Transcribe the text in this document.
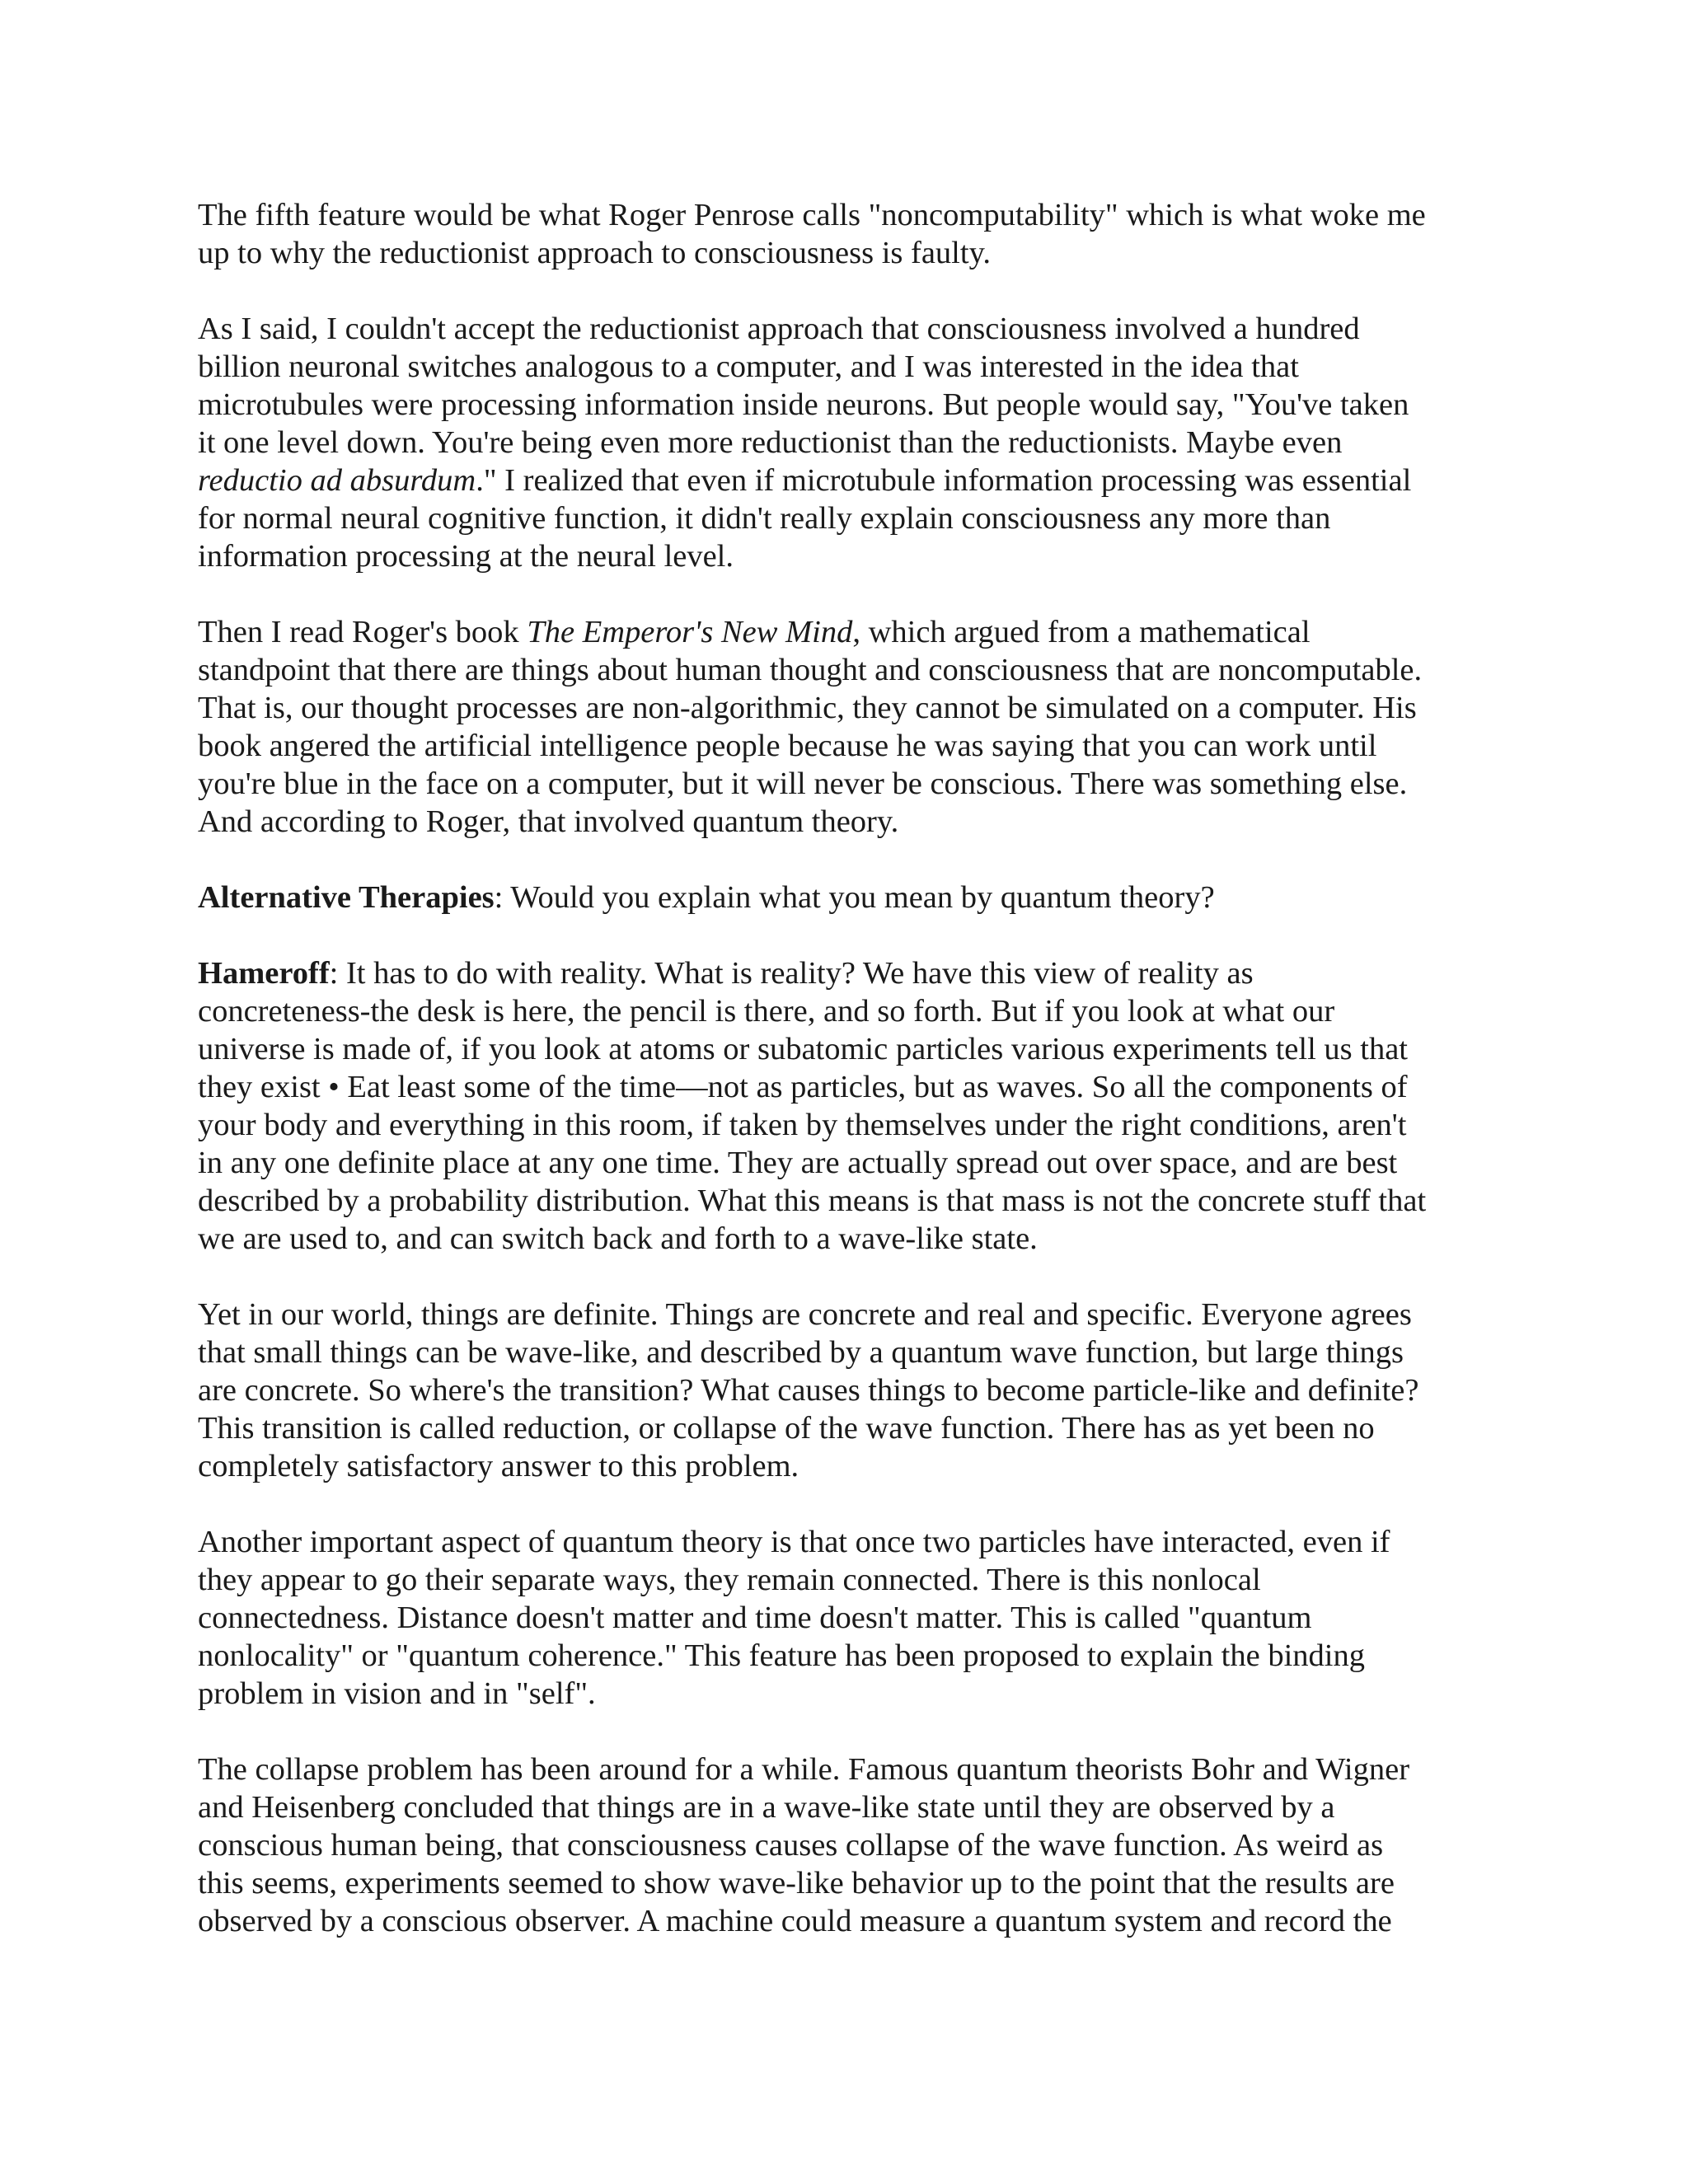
The fifth feature would be what Roger Penrose calls "noncomputability" which is what woke me
up to why the reductionist approach to consciousness is faulty.

As I said, I couldn't accept the reductionist approach that consciousness involved a hundred
billion neuronal switches analogous to a computer, and I was interested in the idea that
microtubules were processing information inside neurons. But people would say, "You've taken
it one level down. You're being even more reductionist than the reductionists. Maybe even
reductio ad absurdum." I realized that even if microtubule information processing was essential
for normal neural cognitive function, it didn't really explain consciousness any more than
information processing at the neural level.

Then I read Roger's book The Emperor's New Mind, which argued from a mathematical
standpoint that there are things about human thought and consciousness that are noncomputable.
That is, our thought processes are non-algorithmic, they cannot be simulated on a computer. His
book angered the artificial intelligence people because he was saying that you can work until
you're blue in the face on a computer, but it will never be conscious. There was something else.
And according to Roger, that involved quantum theory.

Alternative Therapies: Would you explain what you mean by quantum theory?

Hameroff: It has to do with reality. What is reality? We have this view of reality as
concreteness-the desk is here, the pencil is there, and so forth. But if you look at what our
universe is made of, if you look at atoms or subatomic particles various experiments tell us that
they exist • Eat least some of the time—not as particles, but as waves. So all the components of
your body and everything in this room, if taken by themselves under the right conditions, aren't
in any one definite place at any one time. They are actually spread out over space, and are best
described by a probability distribution. What this means is that mass is not the concrete stuff that
we are used to, and can switch back and forth to a wave-like state.

Yet in our world, things are definite. Things are concrete and real and specific. Everyone agrees
that small things can be wave-like, and described by a quantum wave function, but large things
are concrete. So where's the transition? What causes things to become particle-like and definite?
This transition is called reduction, or collapse of the wave function. There has as yet been no
completely satisfactory answer to this problem.

Another important aspect of quantum theory is that once two particles have interacted, even if
they appear to go their separate ways, they remain connected. There is this nonlocal
connectedness. Distance doesn't matter and time doesn't matter. This is called "quantum
nonlocality" or "quantum coherence." This feature has been proposed to explain the binding
problem in vision and in "self".

The collapse problem has been around for a while. Famous quantum theorists Bohr and Wigner
and Heisenberg concluded that things are in a wave-like state until they are observed by a
conscious human being, that consciousness causes collapse of the wave function. As weird as
this seems, experiments seemed to show wave-like behavior up to the point that the results are
observed by a conscious observer. A machine could measure a quantum system and record the
